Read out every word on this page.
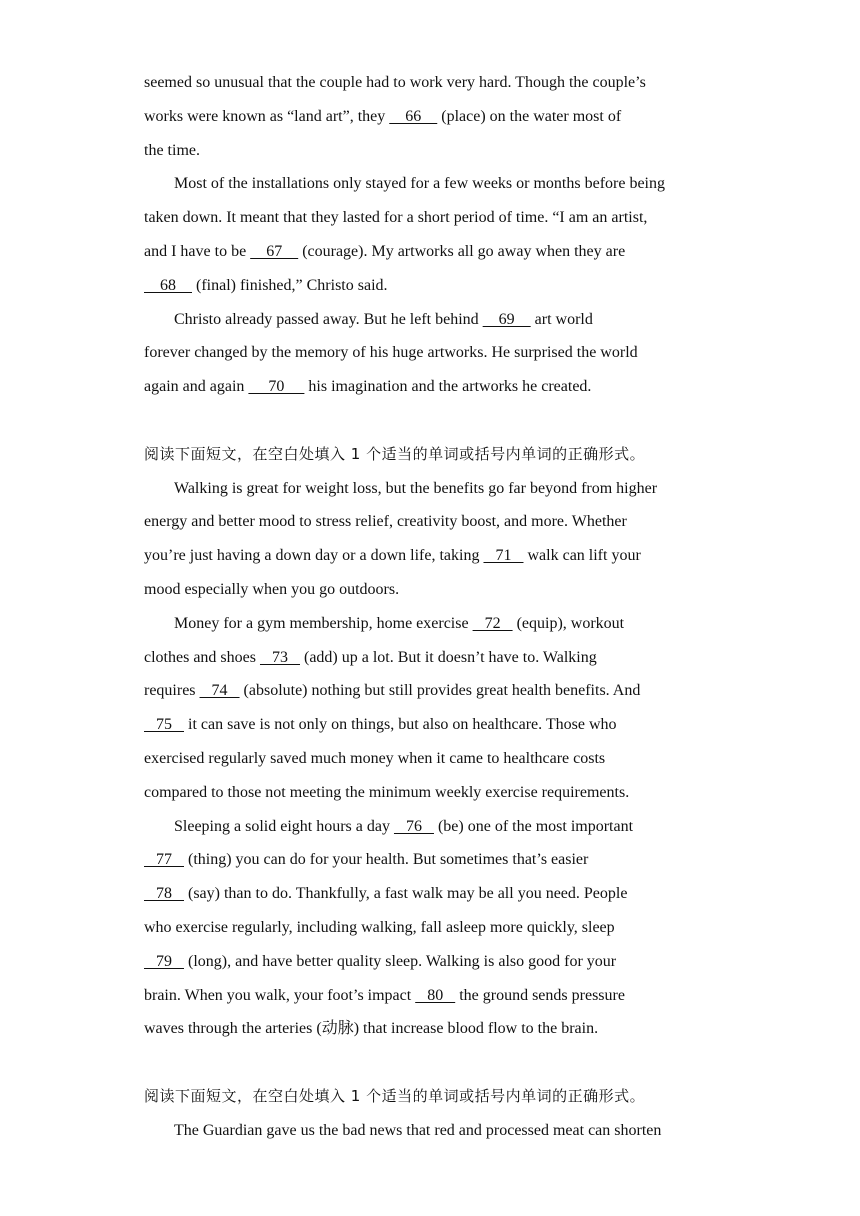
seemed so unusual that the couple had to work very hard. Though the couple’s
works were known as “land art”, they     66     (place) on the water most of
the time.
Most of the installations only stayed for a few weeks or months before being
taken down. It meant that they lasted for a short period of time. “I am an artist,
and I have to be     67     (courage). My artworks all go away when they are
68     (final) finished,” Christo said.
Christo already passed away. But he left behind     69     art world
forever changed by the memory of his huge artworks. He surprised the world
again and again      70      his imagination and the artworks he created.
阅读下面短文，在空白处填入 1 个适当的单词或括号内单词的正确形式。
Walking is great for weight loss, but the benefits go far beyond from higher
energy and better mood to stress relief, creativity boost, and more. Whether
you’re just having a down day or a down life, taking    71    walk can lift your
mood especially when you go outdoors.
Money for a gym membership, home exercise    72    (equip), workout
clothes and shoes    73    (add) up a lot. But it doesn’t have to. Walking
requires    74    (absolute) nothing but still provides great health benefits. And
75    it can save is not only on things, but also on healthcare. Those who
exercised regularly saved much money when it came to healthcare costs
compared to those not meeting the minimum weekly exercise requirements.
Sleeping a solid eight hours a day    76    (be) one of the most important
77    (thing) you can do for your health. But sometimes that’s easier
78    (say) than to do. Thankfully, a fast walk may be all you need. People
who exercise regularly, including walking, fall asleep more quickly, sleep
79    (long), and have better quality sleep. Walking is also good for your
brain. When you walk, your foot’s impact    80    the ground sends pressure
waves through the arteries (动脉) that increase blood flow to the brain.
阅读下面短文，在空白处填入 1 个适当的单词或括号内单词的正确形式。
The Guardian gave us the bad news that red and processed meat can shorten
